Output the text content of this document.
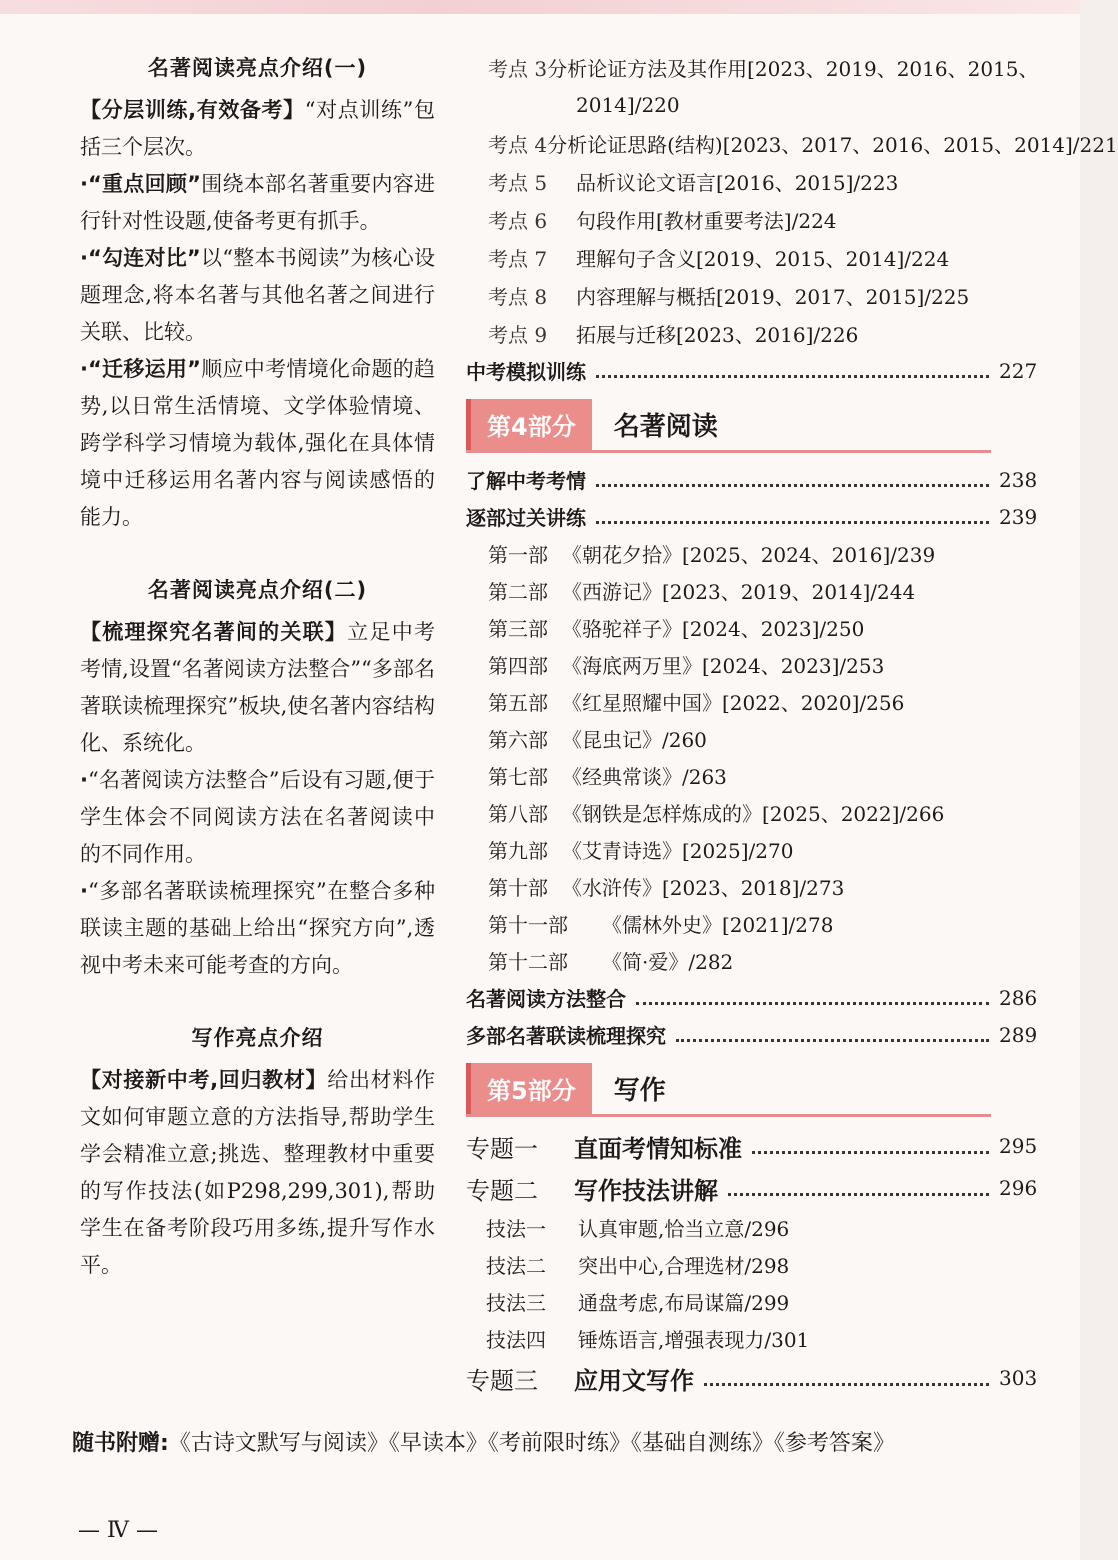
名著阅读亮点介绍(一)

【分层训练,有效备考】“对点训练”包括三个层次。

·“重点回顾”围绕本部名著重要内容进行针对性设题,使备考更有抓手。

·“勾连对比”以“整本书阅读”为核心设题理念,将本名著与其他名著之间进行关联、比较。

·“迁移运用”顺应中考情境化命题的趋势,以日常生活情境、文学体验情境、跨学科学习情境为载体,强化在具体情境中迁移运用名著内容与阅读感悟的能力。

名著阅读亮点介绍(二)

【梳理探究名著间的关联】立足中考考情,设置“名著阅读方法整合”“多部名著联读梳理探究”板块,使名著内容结构化、系统化。

·“名著阅读方法整合”后设有习题,便于学生体会不同阅读方法在名著阅读中的不同作用。

·“多部名著联读梳理探究”在整合多种联读主题的基础上给出“探究方向”,透视中考未来可能考查的方向。

写作亮点介绍

【对接新中考,回归教材】给出材料作文如何审题立意的方法指导,帮助学生学会精准立意;挑选、整理教材中重要的写作技法(如P298,299,301),帮助学生在备考阶段巧用多练,提升写作水平。

考点 3 分析论证方法及其作用[2023、2019、2016、2015、
2014]/220
考点 4 分析论证思路(结构)[2023、2017、2016、2015、2014]/221
考点 5	品析议论文语言[2016、2015]/223
考点 6	句段作用[教材重要考法]/224
考点 7	理解句子含义[2019、2015、2014]/224
考点 8	内容理解与概括[2019、2017、2015]/225
考点 9	拓展与迁移[2023、2016]/226
中考模拟训练	227
第4部分	名著阅读
了解中考考情	238
逐部过关讲练	239
第一部 《朝花夕拾》[2025、2024、2016]/239
第二部 《西游记》[2023、2019、2014]/244
第三部 《骆驼祥子》[2024、2023]/250
第四部 《海底两万里》[2024、2023]/253
第五部 《红星照耀中国》[2022、2020]/256
第六部 《昆虫记》/260
第七部 《经典常谈》/263
第八部 《钢铁是怎样炼成的》[2025、2022]/266
第九部 《艾青诗选》[2025]/270
第十部 《水浒传》[2023、2018]/273
第十一部	《儒林外史》[2021]/278
第十二部	《简·爱》/282
名著阅读方法整合	286
多部名著联读梳理探究	289
第5部分	写作
专题一	直面考情知标准	295
专题二	写作技法讲解	296
技法一	认真审题,恰当立意/296
技法二	突出中心,合理选材/298
技法三	通盘考虑,布局谋篇/299
技法四	锤炼语言,增强表现力/301
专题三	应用文写作	303
随书附赠:《古诗文默写与阅读》《早读本》《考前限时练》《基础自测练》《参考答案》
— Ⅳ —
